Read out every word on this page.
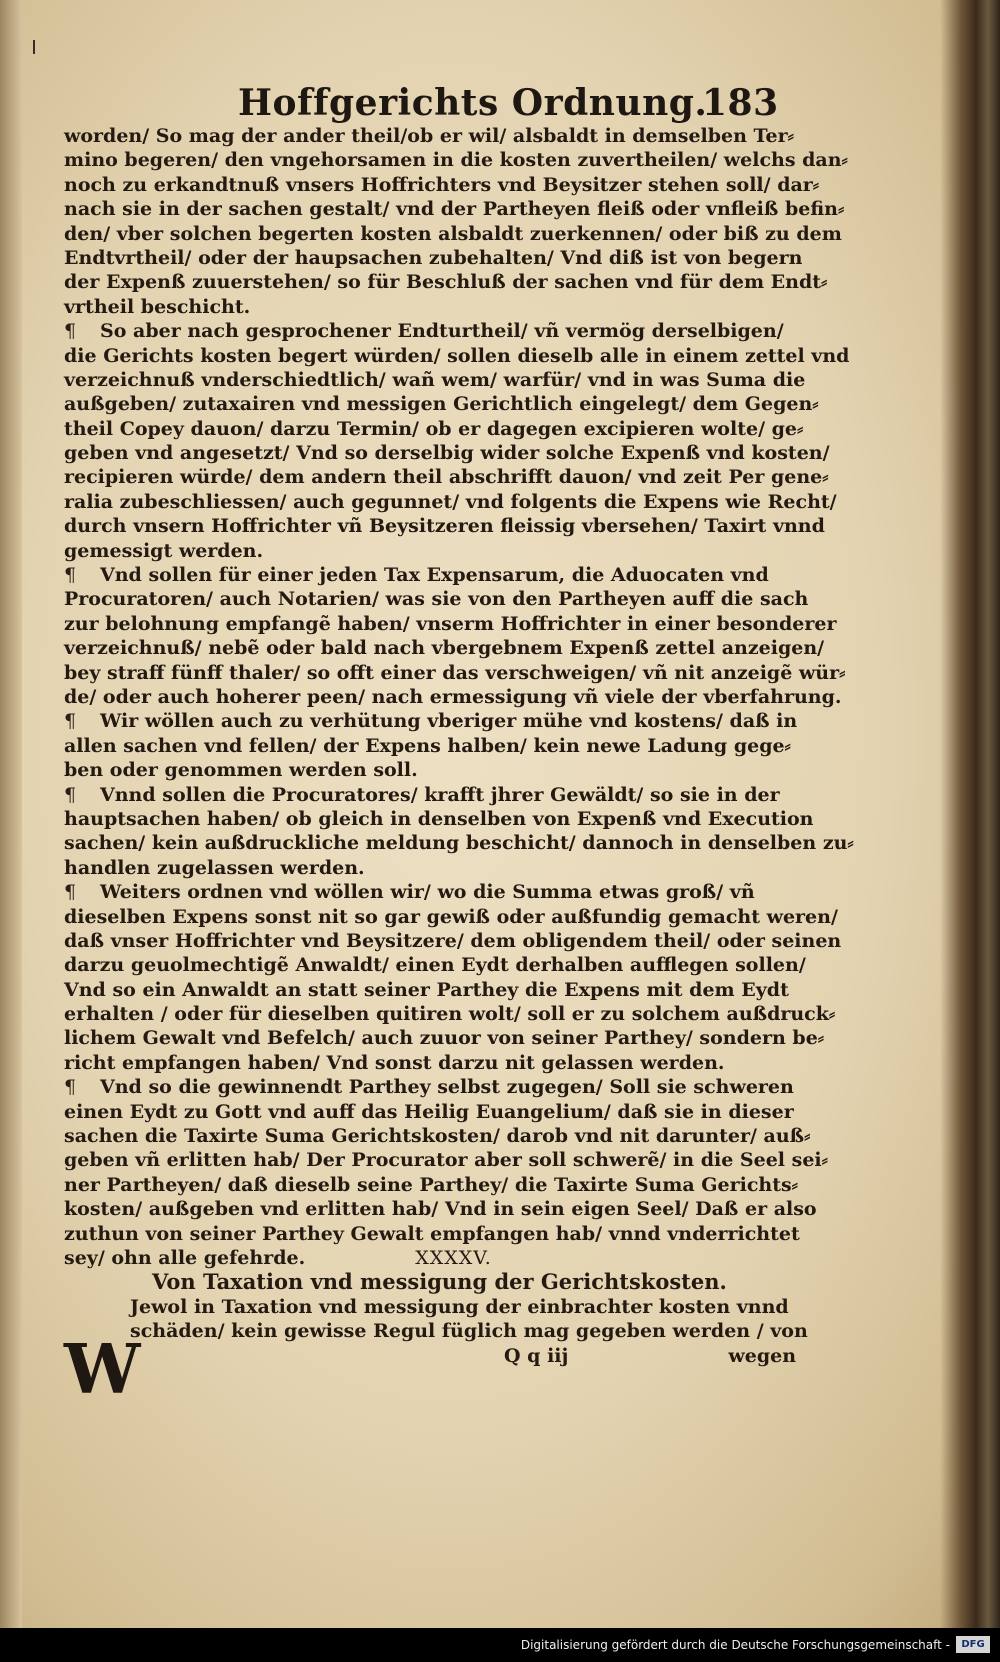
Hoffgerichts Ordnung.
183
worden/ So mag der ander theil/ob er wil/ alsbaldt in demselben Ter⸗
mino begeren/ den vngehorsamen in die kosten zuvertheilen/ welchs dan⸗
noch zu erkandtnuß vnsers Hoffrichters vnd Beysitzer stehen soll/ dar⸗
nach sie in der sachen gestalt/ vnd der Partheyen fleiß oder vnfleiß befin⸗
den/ vber solchen begerten kosten alsbaldt zuerkennen/ oder biß zu dem
Endtvrtheil/ oder der haupsachen zubehalten/ Vnd diß ist von begern
der Expenß zuuerstehen/ so für Beschluß der sachen vnd für dem Endt⸗
vrtheil beschicht.
¶ So aber nach gesprochener Endturtheil/ vñ vermög derselbigen/
die Gerichts kosten begert würden/ sollen dieselb alle in einem zettel vnd
verzeichnuß vnderschiedtlich/ wañ wem/ warfür/ vnd in was Suma die
außgeben/ zutaxairen vnd messigen Gerichtlich eingelegt/ dem Gegen⸗
theil Copey dauon/ darzu Termin/ ob er dagegen excipieren wolte/ ge⸗
geben vnd angesetzt/ Vnd so derselbig wider solche Expenß vnd kosten/
recipieren würde/ dem andern theil abschrifft dauon/ vnd zeit Per gene⸗
ralia zubeschliessen/ auch gegunnet/ vnd folgents die Expens wie Recht/
durch vnsern Hoffrichter vñ Beysitzeren fleissig vbersehen/ Taxirt vnnd
gemessigt werden.
¶ Vnd sollen für einer jeden Tax Expensarum, die Aduocaten vnd
Procuratoren/ auch Notarien/ was sie von den Partheyen auff die sach
zur belohnung empfangẽ haben/ vnserm Hoffrichter in einer besonderer
verzeichnuß/ nebẽ oder bald nach vbergebnem Expenß zettel anzeigen/
bey straff fünff thaler/ so offt einer das verschweigen/ vñ nit anzeigẽ wür⸗
de/ oder auch hoherer peen/ nach ermessigung vñ viele der vberfahrung.
¶ Wir wöllen auch zu verhütung vberiger mühe vnd kostens/ daß in
allen sachen vnd fellen/ der Expens halben/ kein newe Ladung gege⸗
ben oder genommen werden soll.
¶ Vnnd sollen die Procuratores/ krafft jhrer Gewäldt/ so sie in der
hauptsachen haben/ ob gleich in denselben von Expenß vnd Execution
sachen/ kein außdruckliche meldung beschicht/ dannoch in denselben zu⸗
handlen zugelassen werden.
¶ Weiters ordnen vnd wöllen wir/ wo die Summa etwas groß/ vñ
dieselben Expens sonst nit so gar gewiß oder außfundig gemacht weren/
daß vnser Hoffrichter vnd Beysitzere/ dem obligendem theil/ oder seinen
darzu geuolmechtigẽ Anwaldt/ einen Eydt derhalben aufflegen sollen/
Vnd so ein Anwaldt an statt seiner Parthey die Expens mit dem Eydt
erhalten / oder für dieselben quitiren wolt/ soll er zu solchem außdruck⸗
lichem Gewalt vnd Befelch/ auch zuuor von seiner Parthey/ sondern be⸗
richt empfangen haben/ Vnd sonst darzu nit gelassen werden.
¶ Vnd so die gewinnendt Parthey selbst zugegen/ Soll sie schweren
einen Eydt zu Gott vnd auff das Heilig Euangelium/ daß sie in dieser
sachen die Taxirte Suma Gerichtskosten/ darob vnd nit darunter/ auß⸗
geben vñ erlitten hab/ Der Procurator aber soll schwerẽ/ in die Seel sei⸗
ner Partheyen/ daß dieselb seine Parthey/ die Taxirte Suma Gerichts⸗
kosten/ außgeben vnd erlitten hab/ Vnd in sein eigen Seel/ Daß er also
zuthun von seiner Parthey Gewalt empfangen hab/ vnnd vnderrichtet
sey/ ohn alle gefehrde.	XXXXV.
Von Taxation vnd messigung der Gerichtskosten.
Jewol in Taxation vnd messigung der einbrachter kosten vnnd
schäden/ kein gewisse Regul füglich mag gegeben werden / von
Q q iij	wegen
W
Digitalisierung gefördert durch die Deutsche Forschungsgemeinschaft -	DFG
